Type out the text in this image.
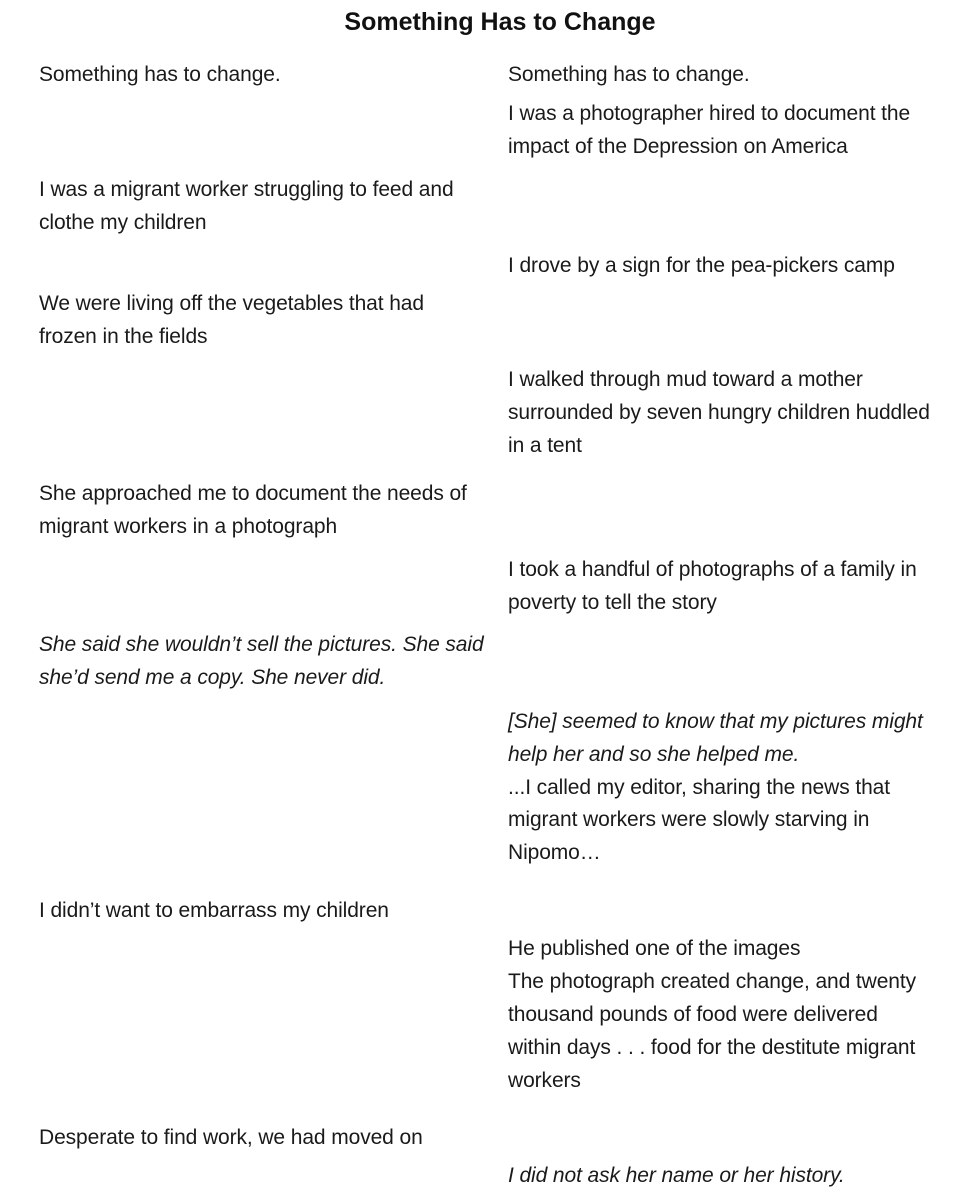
Something Has to Change
Something has to change.
I was a migrant worker struggling to feed and
clothe my children
We were living off the vegetables that had
frozen in the fields
She approached me to document the needs of
migrant workers in a photograph
She said she wouldn’t sell the pictures. She said
she’d send me a copy. She never did.
I didn’t want to embarrass my children
Desperate to find work, we had moved on
Something has to change.
I was a photographer hired to document the
impact of the Depression on America
I drove by a sign for the pea-pickers camp
I walked through mud toward a mother
surrounded by seven hungry children huddled
in a tent
I took a handful of photographs of a family in
poverty to tell the story
[She] seemed to know that my pictures might
help her and so she helped me.
...I called my editor, sharing the news that
migrant workers were slowly starving in
Nipomo…
He published one of the images
The photograph created change, and twenty
thousand pounds of food were delivered
within days . . . food for the destitute migrant
workers
I did not ask her name or her history.
